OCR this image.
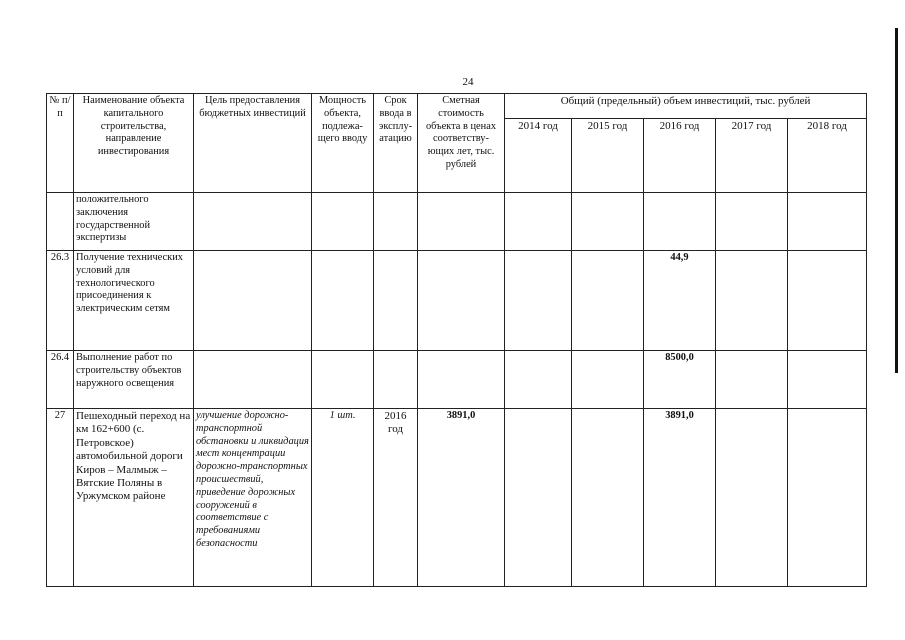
24
№ п/п	Наименование объекта капитального строительства, направление инвестирования	Цель предоставления бюджетных инвестиций	Мощность объекта, подлежа-щего вводу	Срок ввода в эксплу-атацию	Сметная стоимость объекта в ценах соответству-ющих лет, тыс. рублей	Общий (предельный) объем инвестиций, тыс. рублей				
						2014 год	2015 год	2016 год	2017 год	2018 год
	положительного заключения государственной экспертизы									
26.3	Получение технических условий для технологического присоединения к электрическим сетям							44,9		
26.4	Выполнение работ по строительству объектов наружного освещения							8500,0		
27	Пешеходный переход на км 162+600 (с. Петровское) автомобильной дороги Киров – Малмыж – Вятские Поляны в Уржумском районе	улучшение дорожно-транспортной обстановки и ликвидация мест концентрации дорожно-транспортных происшествий, приведение дорожных сооружений в соответствие с требованиями безопасности	1 шт.	2016 год	3891,0			3891,0		
